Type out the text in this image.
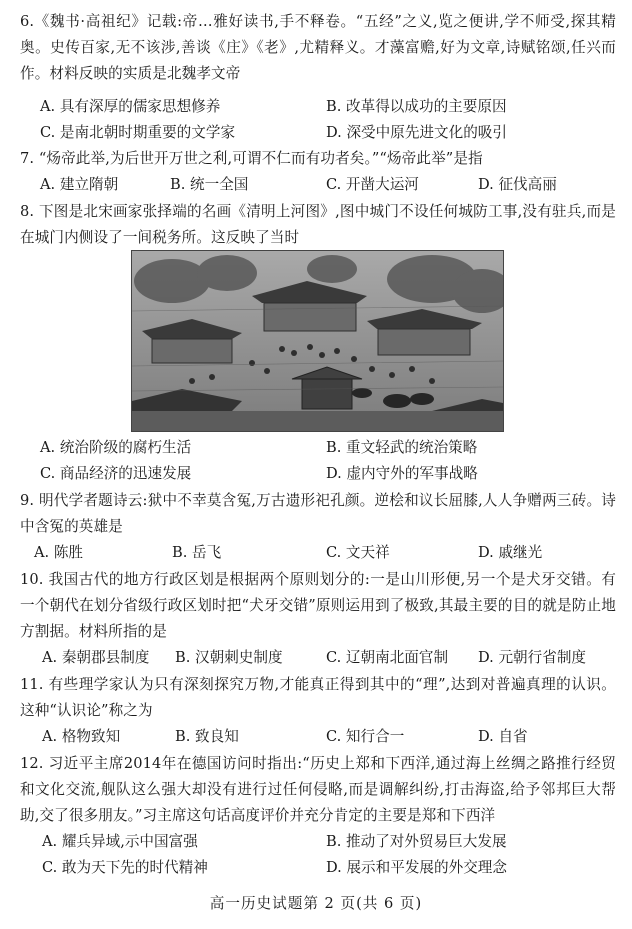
6.《魏书·高祖纪》记载:帝…雅好读书,手不释卷。“五经”之义,览之便讲,学不师受,探其精奥。史传百家,无不该涉,善谈《庄》《老》,尤精释义。才藻富赡,好为文章,诗赋铭颂,任兴而作。材料反映的实质是北魏孝文帝
A. 具有深厚的儒家思想修养	B. 改革得以成功的主要原因
C. 是南北朝时期重要的文学家	D. 深受中原先进文化的吸引
7. “炀帝此举,为后世开万世之利,可谓不仁而有功者矣。”“炀帝此举”是指
A. 建立隋朝	B. 统一全国	C. 开凿大运河	D. 征伐高丽
8. 下图是北宋画家张择端的名画《清明上河图》,图中城门不设任何城防工事,没有驻兵,而是在城门内侧设了一间税务所。这反映了当时
A. 统治阶级的腐朽生活	B. 重文轻武的统治策略
C. 商品经济的迅速发展	D. 虚内守外的军事战略
9. 明代学者题诗云:狱中不幸莫含冤,万古遗形祀孔颜。逆桧和议长屈膝,人人争赠两三砖。诗中含冤的英雄是
A. 陈胜	B. 岳飞	C. 文天祥	D. 戚继光
10. 我国古代的地方行政区划是根据两个原则划分的:一是山川形便,另一个是犬牙交错。有一个朝代在划分省级行政区划时把“犬牙交错”原则运用到了极致,其最主要的目的就是防止地方割据。材料所指的是
A. 秦朝郡县制度 B. 汉朝刺史制度	C. 辽朝南北面官制 D. 元朝行省制度
11. 有些理学家认为只有深刻探究万物,才能真正得到其中的“理”,达到对普遍真理的认识。这种“认识论”称之为
A. 格物致知	B. 致良知	C. 知行合一	D. 自省
12. 习近平主席2014年在德国访问时指出:“历史上郑和下西洋,通过海上丝绸之路推行经贸和文化交流,舰队这么强大却没有进行过任何侵略,而是调解纠纷,打击海盗,给予邻邦巨大帮助,交了很多朋友。”习主席这句话高度评价并充分肯定的主要是郑和下西洋
A. 耀兵异域,示中国富强	B. 推动了对外贸易巨大发展
C. 敢为天下先的时代精神	D. 展示和平发展的外交理念
高一历史试题第 2 页(共 6 页)
